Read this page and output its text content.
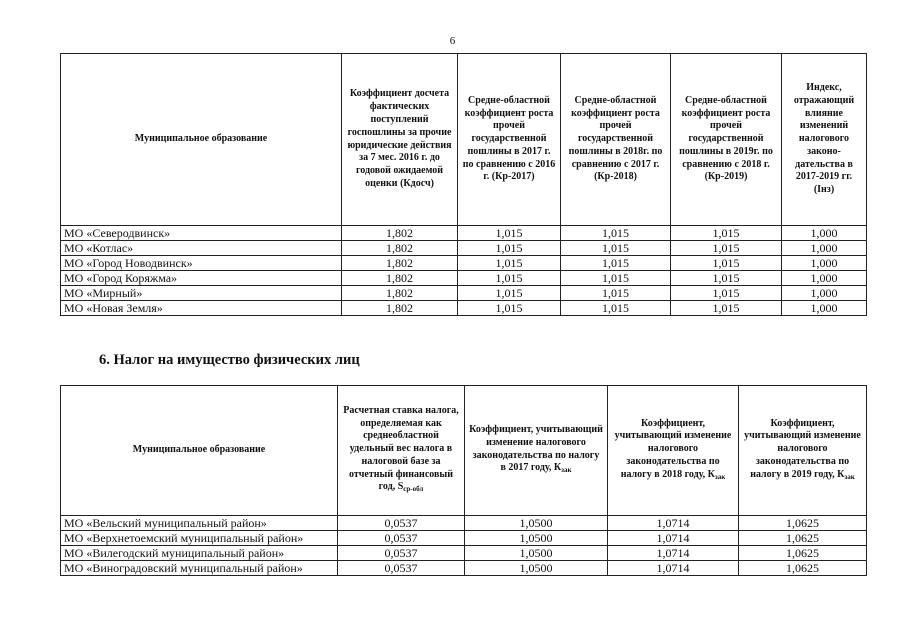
6
Муниципальное образование	Коэффициент досчета фактических поступлений госпошлины за прочие юридические действия за 7 мес. 2016 г. до годовой ожидаемой оценки (Кдосч)	Средне-областной коэффициент роста прочей государственной пошлины в 2017 г. по сравнению с 2016 г. (Кр-2017)	Средне-областной коэффициент роста прочей государственной пошлины в 2018г. по сравнению с 2017 г. (Кр-2018)	Средне-областной коэффициент роста прочей государственной пошлины в 2019г. по сравнению с 2018 г. (Кр-2019)	Индекс, отражающий влияние изменений налогового законо-дательства в 2017-2019 гг. (Iнз)
МО «Северодвинск»	1,802	1,015	1,015	1,015	1,000
МО «Котлас»	1,802	1,015	1,015	1,015	1,000
МО «Город Новодвинск»	1,802	1,015	1,015	1,015	1,000
МО «Город Коряжма»	1,802	1,015	1,015	1,015	1,000
МО «Мирный»	1,802	1,015	1,015	1,015	1,000
МО «Новая Земля»	1,802	1,015	1,015	1,015	1,000
6. Налог на имущество физических лиц
Муниципальное образование	Расчетная ставка налога, определяемая как среднеобластной удельный вес налога в налоговой базе за отчетный финансовый год, $S_{ср-обл}$	Коэффициент, учитывающий изменение налогового законодательства по налогу в 2017 году, $К_{зак}$	Коэффициент, учитывающий изменение налогового законодательства по налогу в 2018 году, $К_{зак}$	Коэффициент, учитывающий изменение налогового законодательства по налогу в 2019 году, $К_{зак}$
МО «Вельский муниципальный район»	0,0537	1,0500	1,0714	1,0625
МО «Верхнетоемский муниципальный район»	0,0537	1,0500	1,0714	1,0625
МО «Вилегодский муниципальный район»	0,0537	1,0500	1,0714	1,0625
МО «Виноградовский муниципальный район»	0,0537	1,0500	1,0714	1,0625
